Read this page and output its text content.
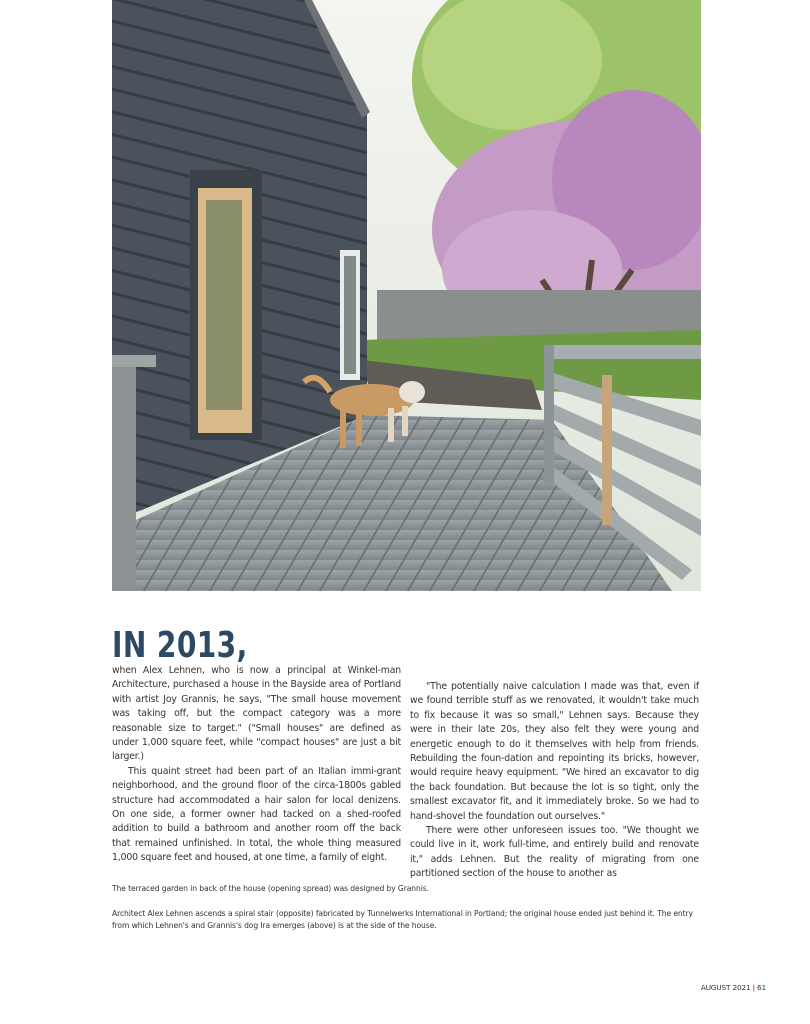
IN 2013,

when Alex Lehnen, who is now a principal at Winkel-man Architecture, purchased a house in the Bayside area of Portland with artist Joy Grannis, he says, "The small house movement was taking off, but the compact category was a more reasonable size to target." ("Small houses" are defined as under 1,000 square feet, while "compact houses" are just a bit larger.)

This quaint street had been part of an Italian immi-grant neighborhood, and the ground floor of the circa-1800s gabled structure had accommodated a hair salon for local denizens. On one side, a former owner had tacked on a shed-roofed addition to build a bathroom and another room off the back that remained unfinished. In total, the whole thing measured 1,000 square feet and housed, at one time, a family of eight.

"The potentially naive calculation I made was that, even if we found terrible stuff as we renovated, it wouldn't take much to fix because it was so small," Lehnen says. Because they were in their late 20s, they also felt they were young and energetic enough to do it themselves with help from friends. Rebuilding the foun-dation and repointing its bricks, however, would require heavy equipment. "We hired an excavator to dig the back foundation. But because the lot is so tight, only the smallest excavator fit, and it immediately broke. So we had to hand-shovel the foundation out ourselves."

There were other unforeseen issues too. "We thought we could live in it, work full-time, and entirely build and renovate it," adds Lehnen. But the reality of migrating from one partitioned section of the house to another as

The terraced garden in back of the house (opening spread) was designed by Grannis.
Architect Alex Lehnen ascends a spiral stair (opposite) fabricated by Tunnelwerks International in Portland; the original house ended just behind it. The entry from which Lehnen's and Grannis's dog Ira emerges (above) is at the side of the house.
AUGUST 2021 | 61
